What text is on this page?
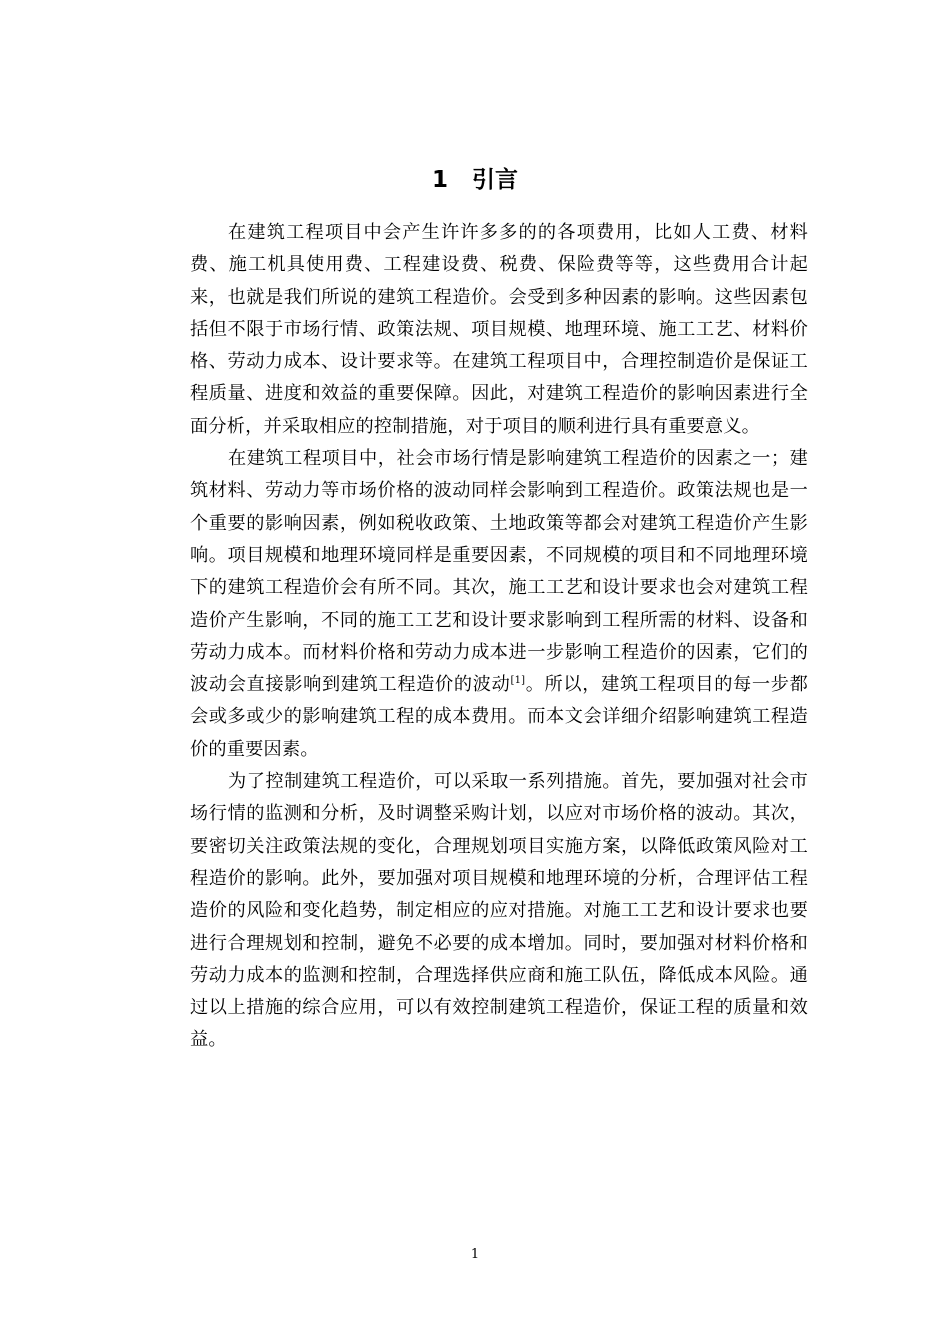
1 引言

在建筑工程项目中会产生许许多多的的各项费用，比如人工费、材料费、施工机具使用费、工程建设费、税费、保险费等等，这些费用合计起来，也就是我们所说的建筑工程造价。会受到多种因素的影响。这些因素包括但不限于市场行情、政策法规、项目规模、地理环境、施工工艺、材料价格、劳动力成本、设计要求等。在建筑工程项目中，合理控制造价是保证工程质量、进度和效益的重要保障。因此，对建筑工程造价的影响因素进行全面分析，并采取相应的控制措施，对于项目的顺利进行具有重要意义。

在建筑工程项目中，社会市场行情是影响建筑工程造价的因素之一；建筑材料、劳动力等市场价格的波动同样会影响到工程造价。政策法规也是一个重要的影响因素，例如税收政策、土地政策等都会对建筑工程造价产生影响。项目规模和地理环境同样是重要因素，不同规模的项目和不同地理环境下的建筑工程造价会有所不同。其次，施工工艺和设计要求也会对建筑工程造价产生影响，不同的施工工艺和设计要求影响到工程所需的材料、设备和劳动力成本。而材料价格和劳动力成本进一步影响工程造价的因素，它们的波动会直接影响到建筑工程造价的波动[1]。所以，建筑工程项目的每一步都会或多或少的影响建筑工程的成本费用。而本文会详细介绍影响建筑工程造价的重要因素。

为了控制建筑工程造价，可以采取一系列措施。首先，要加强对社会市场行情的监测和分析，及时调整采购计划，以应对市场价格的波动。其次，要密切关注政策法规的变化，合理规划项目实施方案，以降低政策风险对工程造价的影响。此外，要加强对项目规模和地理环境的分析，合理评估工程造价的风险和变化趋势，制定相应的应对措施。对施工工艺和设计要求也要进行合理规划和控制，避免不必要的成本增加。同时，要加强对材料价格和劳动力成本的监测和控制，合理选择供应商和施工队伍，降低成本风险。通过以上措施的综合应用，可以有效控制建筑工程造价，保证工程的质量和效益。

1
